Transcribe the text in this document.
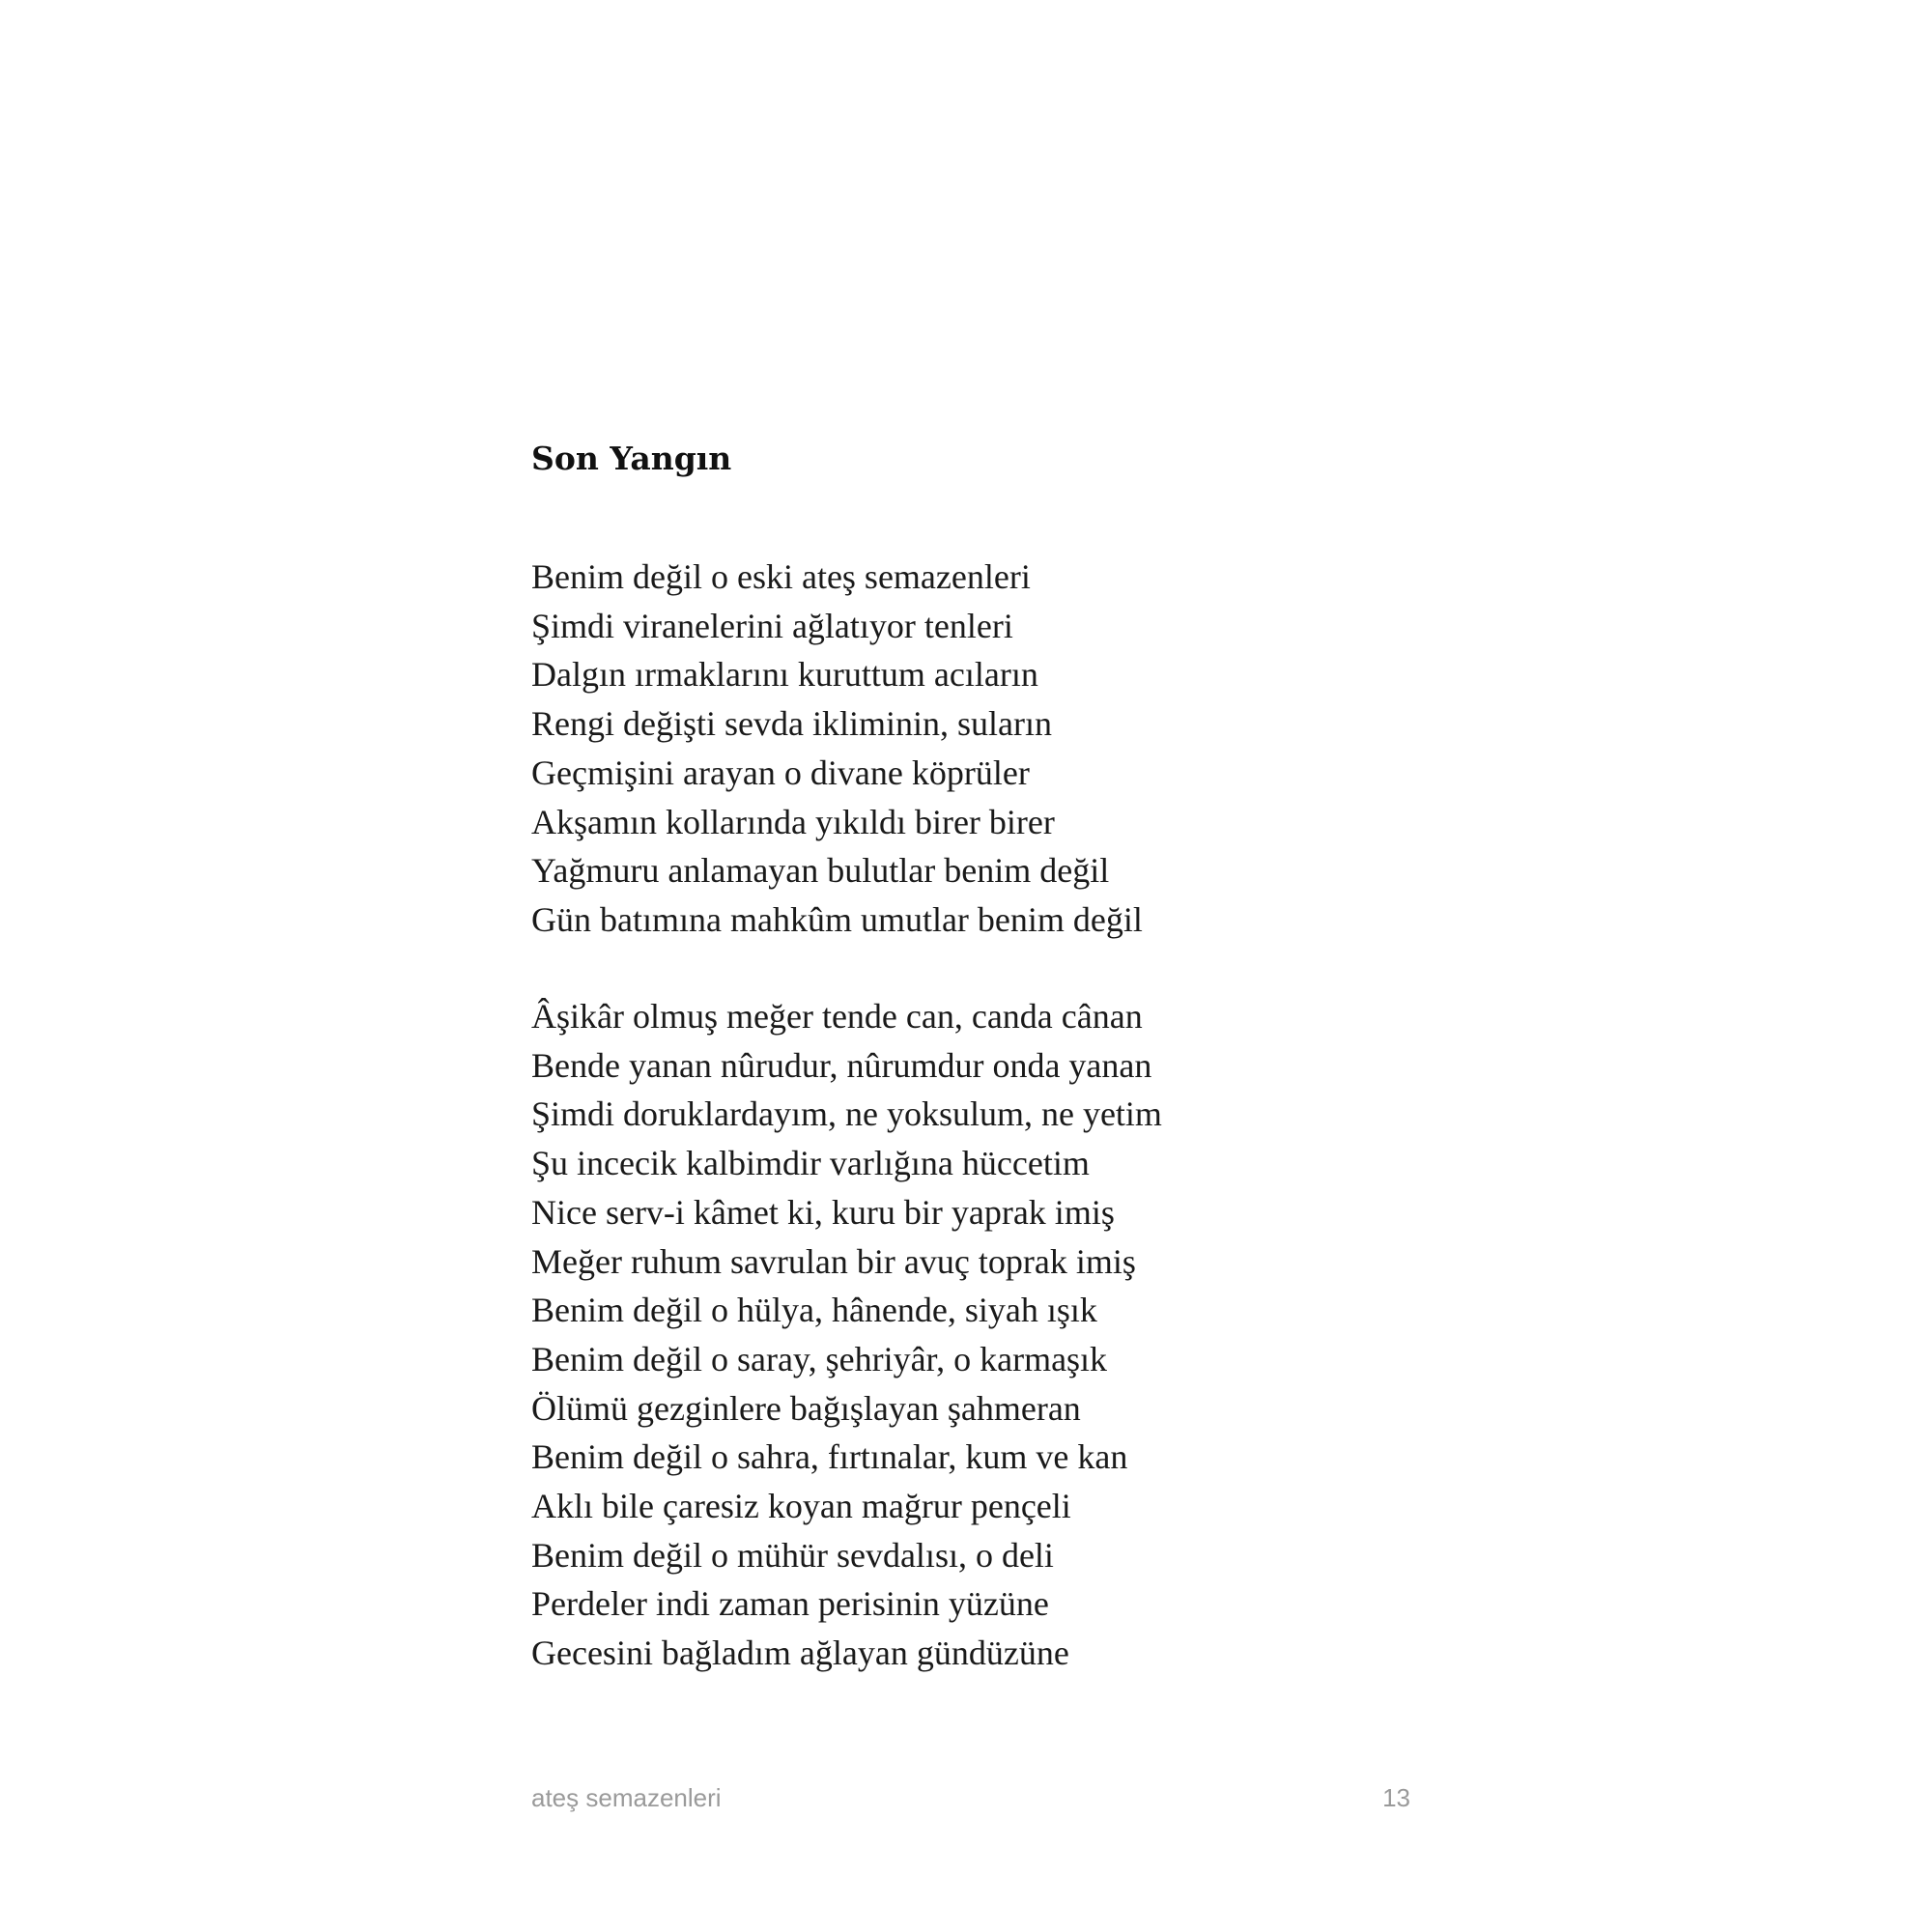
Son Yangın
Benim değil o eski ateş semazenleri
Şimdi viranelerini ağlatıyor tenleri
Dalgın ırmaklarını kuruttum acıların
Rengi değişti sevda ikliminin, suların
Geçmişini arayan o divane köprüler
Akşamın kollarında yıkıldı birer birer
Yağmuru anlamayan bulutlar benim değil
Gün batımına mahkûm umutlar benim değil
Âşikâr olmuş meğer tende can, canda cânan
Bende yanan nûrudur, nûrumdur onda yanan
Şimdi doruklardayım, ne yoksulum, ne yetim
Şu incecik kalbimdir varlığına hüccetim
Nice serv-i kâmet ki, kuru bir yaprak imiş
Meğer ruhum savrulan bir avuç toprak imiş
Benim değil o hülya, hânende, siyah ışık
Benim değil o saray, şehriyâr, o karmaşık
Ölümü gezginlere bağışlayan şahmeran
Benim değil o sahra, fırtınalar, kum ve kan
Aklı bile çaresiz koyan mağrur pençeli
Benim değil o mühür sevdalısı, o deli
Perdeler indi zaman perisinin yüzüne
Gecesini bağladım ağlayan gündüzüne
ateş semazenleri	13
